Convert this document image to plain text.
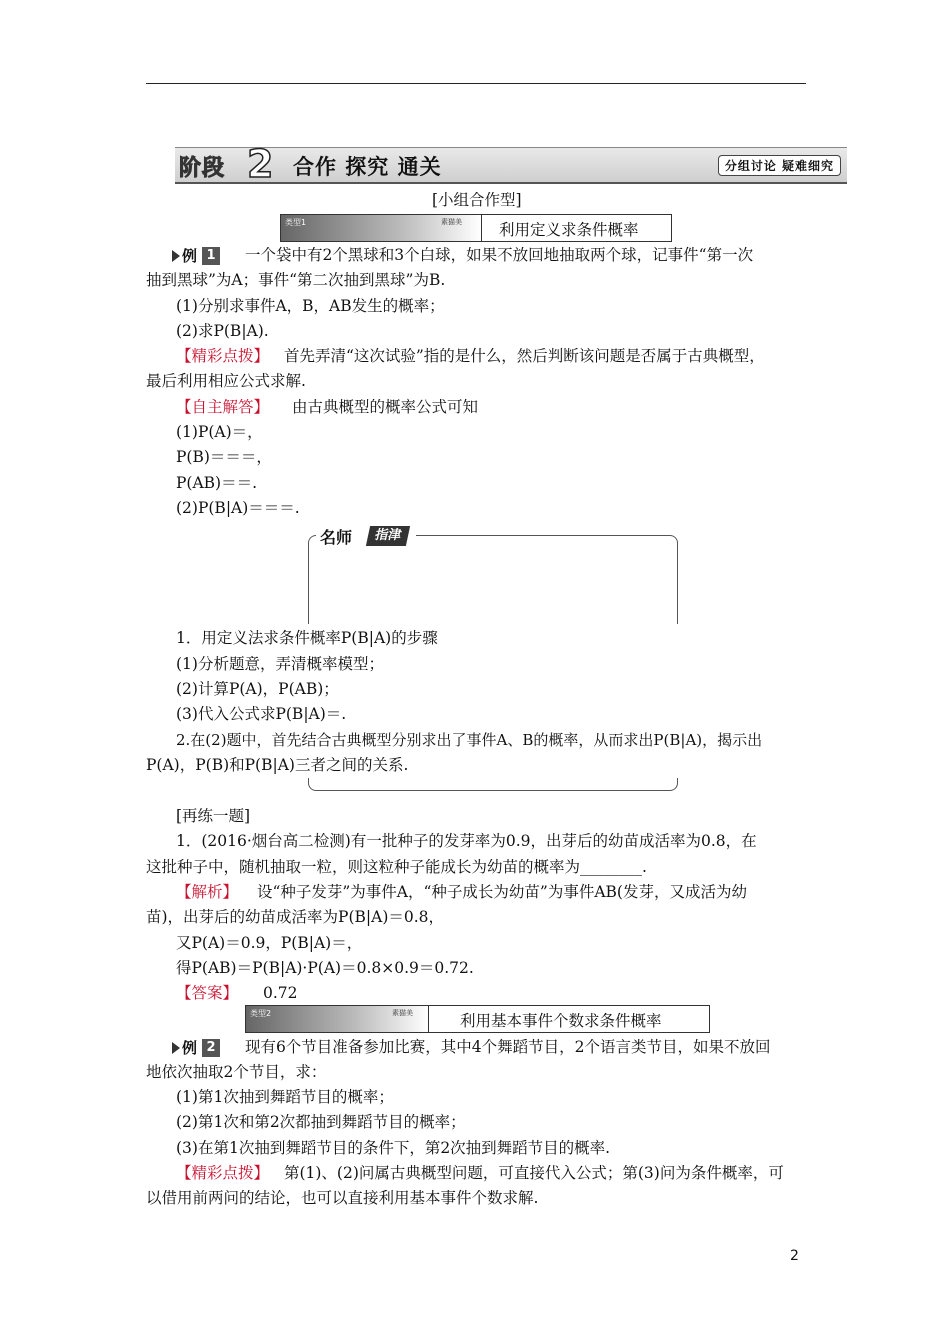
阶段 2 合作 探究 通关	分组讨论 疑难细究
[小组合作型]
类型1	素猫美 利用定义求条件概率
例 1 一个袋中有2个黑球和3个白球，如果不放回地抽取两个球，记事件“第一次
抽到黑球”为A；事件“第二次抽到黑球”为B.
(1)分别求事件A，B，AB发生的概率；
(2)求P(B|A).
【精彩点拨】 首先弄清“这次试验”指的是什么，然后判断该问题是否属于古典概型，
最后利用相应公式求解.
【自主解答】 由古典概型的概率公式可知
(1)P(A)＝，
P(B)＝＝＝，
P(AB)＝＝.
(2)P(B|A)＝＝＝.
名师	指津
1．用定义法求条件概率P(B|A)的步骤
(1)分析题意，弄清概率模型；
(2)计算P(A)，P(AB)；
(3)代入公式求P(B|A)＝.
2.在(2)题中，首先结合古典概型分别求出了事件A、B的概率，从而求出P(B|A)，揭示出
P(A)，P(B)和P(B|A)三者之间的关系.
[再练一题]
1．(2016·烟台高二检测)有一批种子的发芽率为0.9，出芽后的幼苗成活率为0.8，在
这批种子中，随机抽取一粒，则这粒种子能成长为幼苗的概率为________.
【解析】 设“种子发芽”为事件A，“种子成长为幼苗”为事件AB(发芽，又成活为幼
苗)，出芽后的幼苗成活率为P(B|A)＝0.8，
又P(A)＝0.9，P(B|A)＝，
得P(AB)＝P(B|A)·P(A)＝0.8×0.9＝0.72.
【答案】 0.72
类型2	素猫美	利用基本事件个数求条件概率
例 2 现有6个节目准备参加比赛，其中4个舞蹈节目，2个语言类节目，如果不放回
地依次抽取2个节目，求：
(1)第1次抽到舞蹈节目的概率；
(2)第1次和第2次都抽到舞蹈节目的概率；
(3)在第1次抽到舞蹈节目的条件下，第2次抽到舞蹈节目的概率.
【精彩点拨】 第(1)、(2)问属古典概型问题，可直接代入公式；第(3)问为条件概率，可
以借用前两问的结论，也可以直接利用基本事件个数求解.
2
